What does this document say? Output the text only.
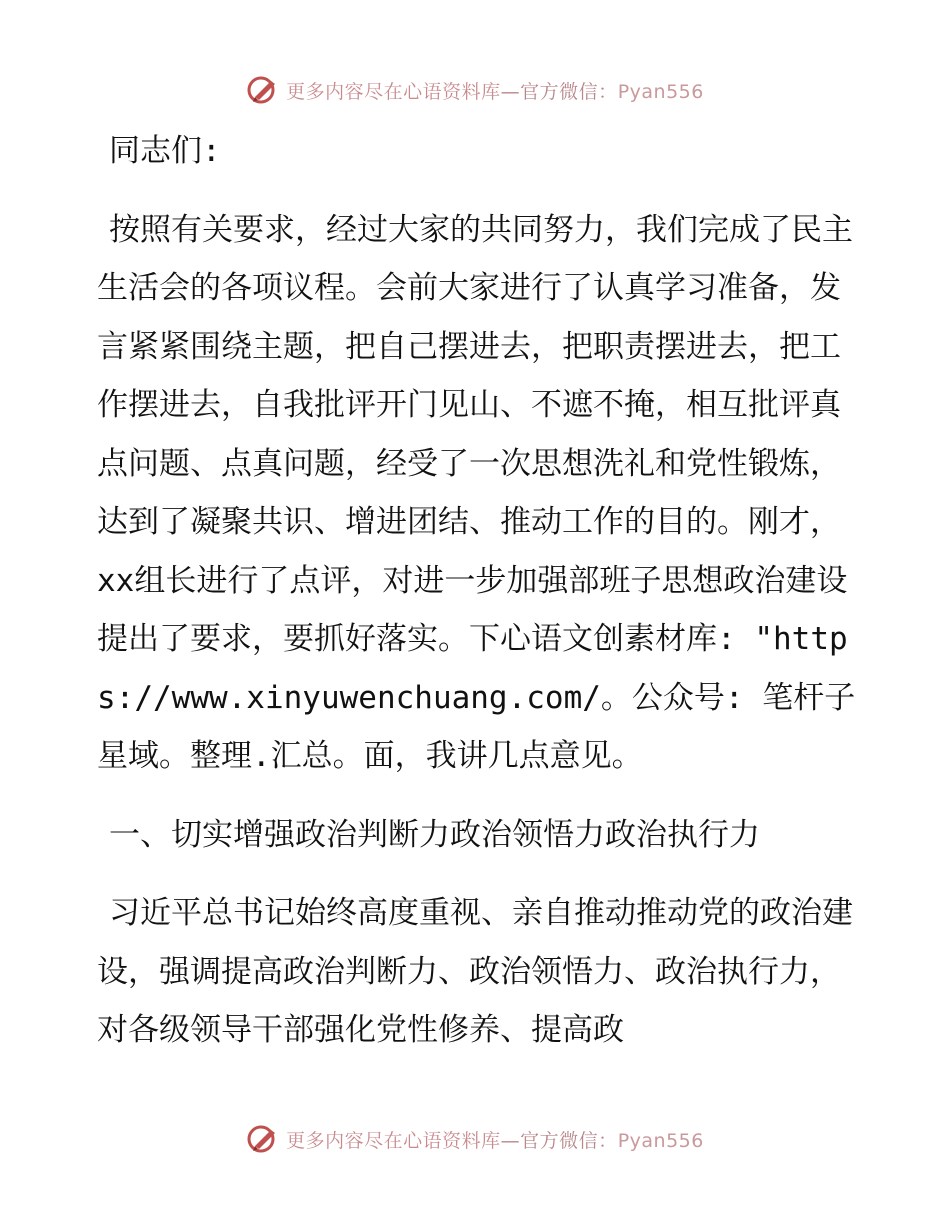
更多内容尽在心语资料库—官方微信：Pyan556

同志们:

按照有关要求，经过大家的共同努力，我们完成了民主生活会的各项议程。会前大家进行了认真学习准备，发言紧紧围绕主题，把自己摆进去，把职责摆进去，把工作摆进去，自我批评开门见山、不遮不掩，相互批评真点问题、点真问题，经受了一次思想洗礼和党性锻炼，达到了凝聚共识、增进团结、推动工作的目的。刚才，xx组长进行了点评，对进一步加强部班子思想政治建设提出了要求，要抓好落实。下心语文创素材库: "https://www.xinyuwenchuang.com/。公众号: 笔杆子星域。整理.汇总。面，我讲几点意见。

一、切实增强政治判断力政治领悟力政治执行力

习近平总书记始终高度重视、亲自推动推动党的政治建设，强调提高政治判断力、政治领悟力、政治执行力，对各级领导干部强化党性修养、提高政

更多内容尽在心语资料库—官方微信：Pyan556
